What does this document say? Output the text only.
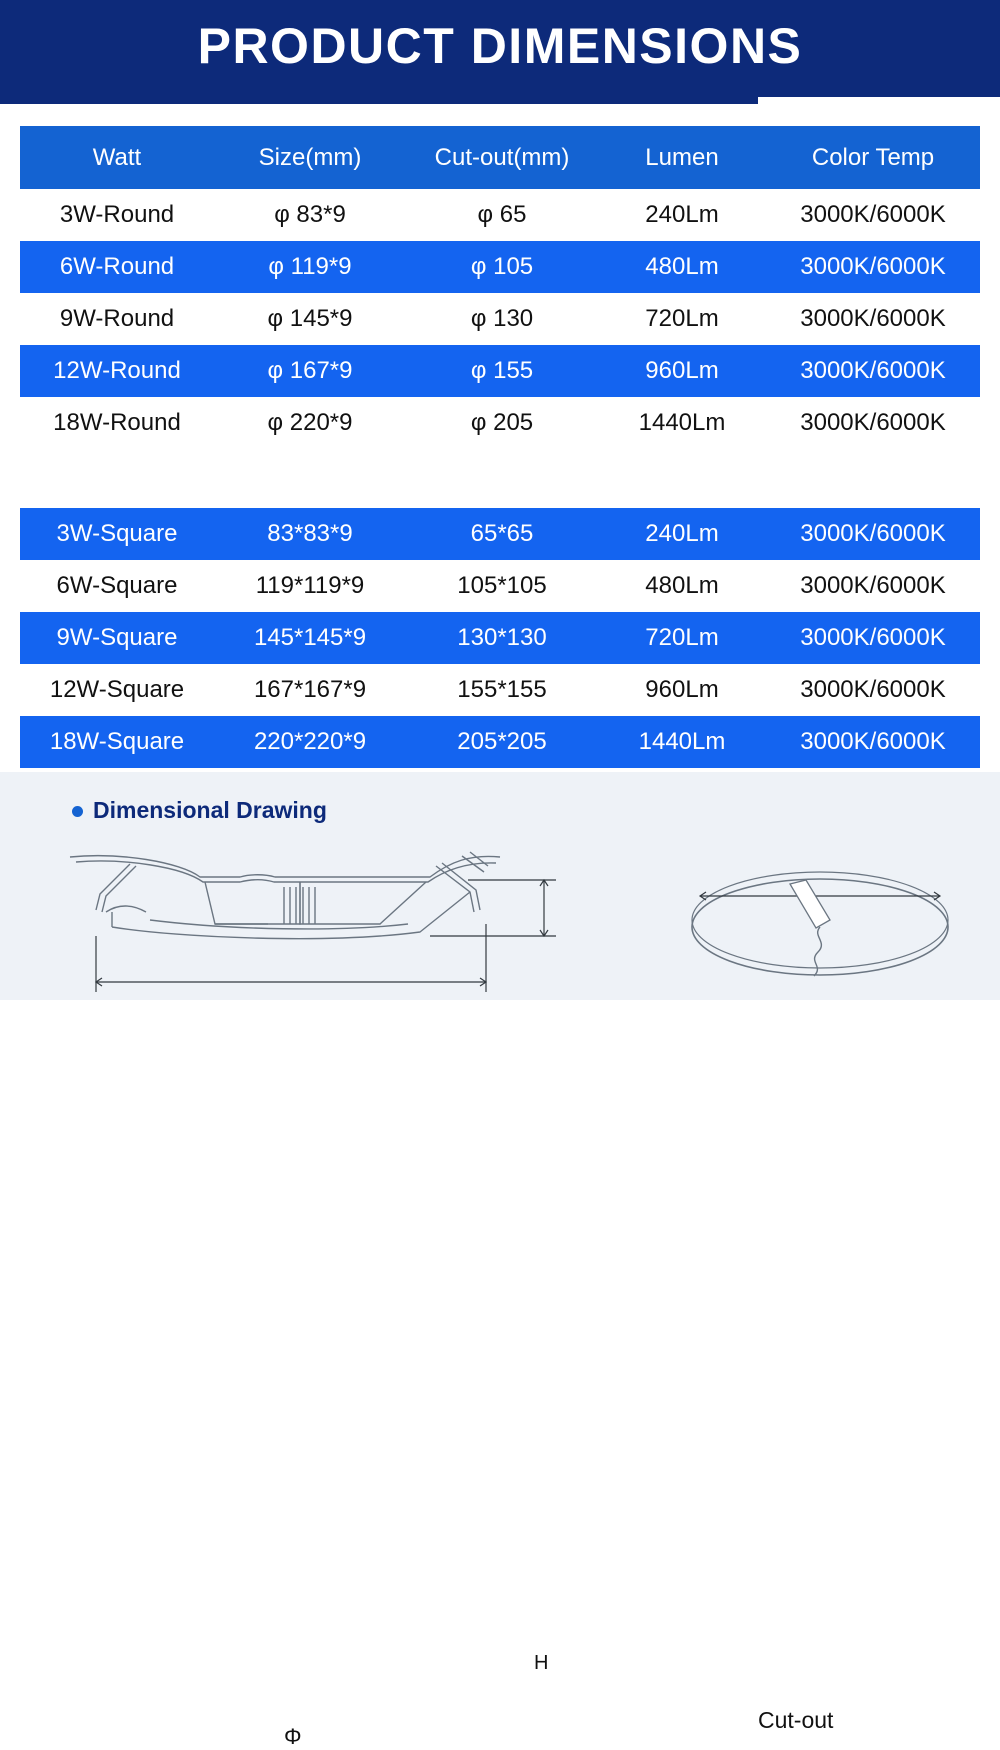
PRODUCT DIMENSIONS
Watt	Size(mm)	Cut-out(mm)	Lumen	Color Temp
3W-Round	φ 83*9	φ 65	240Lm	3000K/6000K
6W-Round	φ 119*9	φ 105	480Lm	3000K/6000K
9W-Round	φ 145*9	φ 130	720Lm	3000K/6000K
12W-Round	φ 167*9	φ 155	960Lm	3000K/6000K
18W-Round	φ 220*9	φ 205	1440Lm	3000K/6000K
3W-Square	83*83*9	65*65	240Lm	3000K/6000K
6W-Square	119*119*9	105*105	480Lm	3000K/6000K
9W-Square	145*145*9	130*130	720Lm	3000K/6000K
12W-Square	167*167*9	155*155	960Lm	3000K/6000K
18W-Square	220*220*9	205*205	1440Lm	3000K/6000K
Dimensional Drawing
H
Φ
Cut-out
